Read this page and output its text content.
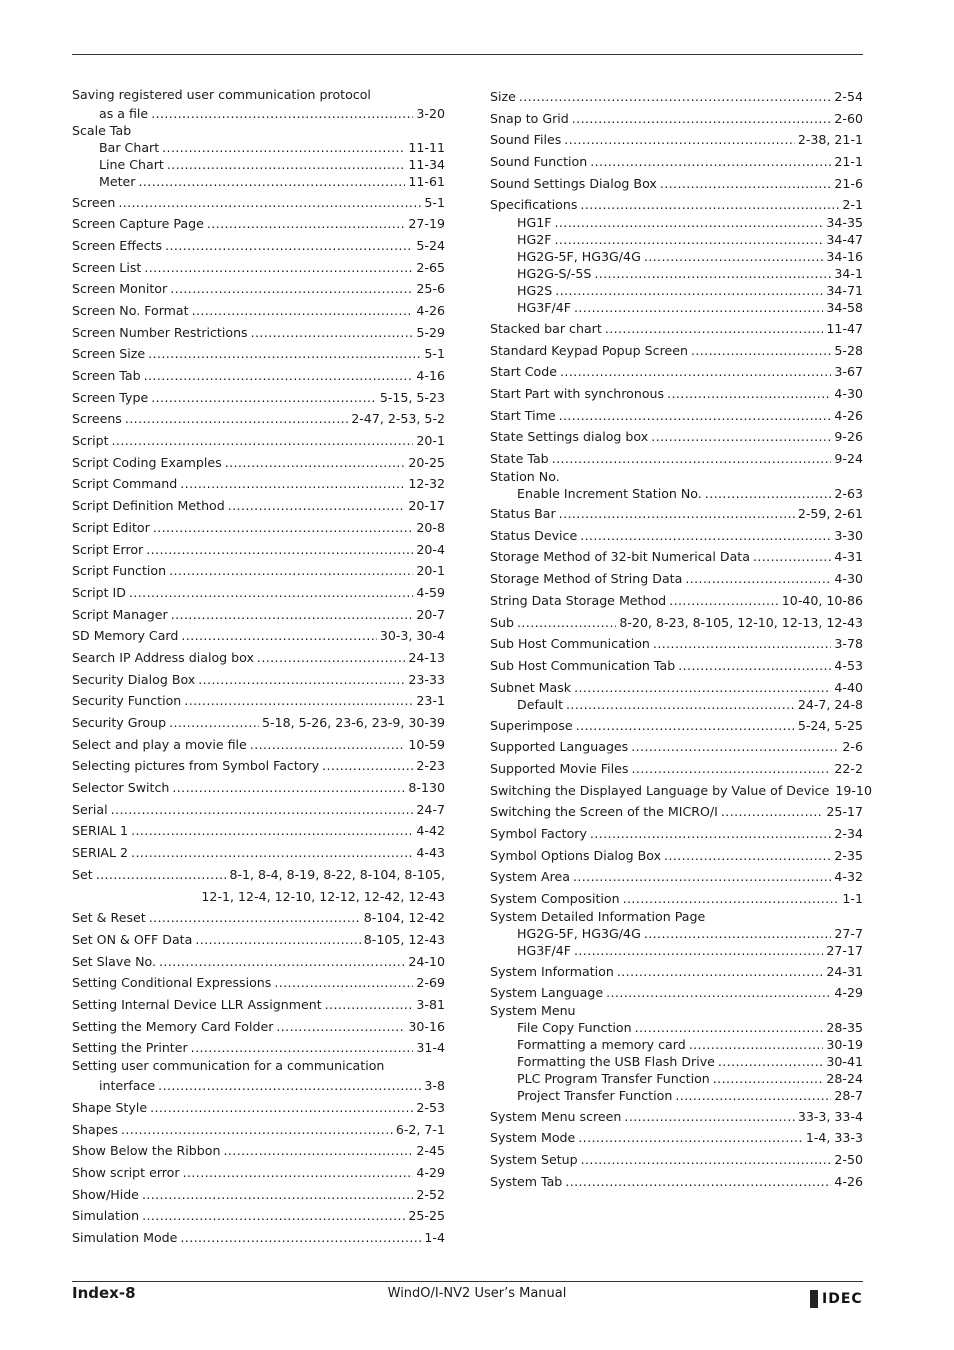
Saving registered user communication protocol
as a file .....	3-20
Scale Tab
Bar Chart .....	11-11
Line Chart .....	11-34
Meter .....	11-61
Screen .....	5-1
Screen Capture Page .....	27-19
Screen Effects .....	5-24
Screen List .....	2-65
Screen Monitor .....	25-6
Screen No. Format .....	4-26
Screen Number Restrictions .....	5-29
Screen Size .....	5-1
Screen Tab .....	4-16
Screen Type .....	5-15, 5-23
Screens .....	2-47, 2-53, 5-2
Script .....	20-1
Script Coding Examples .....	20-25
Script Command .....	12-32
Script Definition Method .....	20-17
Script Editor .....	20-8
Script Error .....	20-4
Script Function .....	20-1
Script ID .....	4-59
Script Manager .....	20-7
SD Memory Card .....	30-3, 30-4
Search IP Address dialog box .....	24-13
Security Dialog Box .....	23-33
Security Function .....	23-1
Security Group .....	5-18, 5-26, 23-6, 23-9, 30-39
Select and play a movie file .....	10-59
Selecting pictures from Symbol Factory .....	2-23
Selector Switch .....	8-130
Serial .....	24-7
SERIAL 1 .....	4-42
SERIAL 2 .....	4-43
Set .....	8-1, 8-4, 8-19, 8-22, 8-104, 8-105,
12-1, 12-4, 12-10, 12-12, 12-42, 12-43
Set & Reset .....	8-104, 12-42
Set ON & OFF Data .....	8-105, 12-43
Set Slave No. .....	24-10
Setting Conditional Expressions .....	2-69
Setting Internal Device LLR Assignment .....	3-81
Setting the Memory Card Folder .....	30-16
Setting the Printer .....	31-4
Setting user communication for a communication
interface .....	3-8
Shape Style .....	2-53
Shapes .....	6-2, 7-1
Show Below the Ribbon .....	2-45
Show script error .....	4-29
Show/Hide .....	2-52
Simulation .....	25-25
Simulation Mode .....	1-4
Size .....	2-54
Snap to Grid .....	2-60
Sound Files .....	2-38, 21-1
Sound Function .....	21-1
Sound Settings Dialog Box .....	21-6
Specifications .....	2-1
HG1F .....	34-35
HG2F .....	34-47
HG2G-5F, HG3G/4G .....	34-16
HG2G-S/-5S .....	34-1
HG2S .....	34-71
HG3F/4F .....	34-58
Stacked bar chart .....	11-47
Standard Keypad Popup Screen .....	5-28
Start Code .....	3-67
Start Part with synchronous .....	4-30
Start Time .....	4-26
State Settings dialog box .....	9-26
State Tab .....	9-24
Station No.
Enable Increment Station No. .....	2-63
Status Bar .....	2-59, 2-61
Status Device .....	3-30
Storage Method of 32-bit Numerical Data .....	4-31
Storage Method of String Data .....	4-30
String Data Storage Method .....	10-40, 10-86
Sub .....	8-20, 8-23, 8-105, 12-10, 12-13, 12-43
Sub Host Communication .....	3-78
Sub Host Communication Tab .....	4-53
Subnet Mask .....	4-40
Default .....	24-7, 24-8
Superimpose .....	5-24, 5-25
Supported Languages .....	2-6
Supported Movie Files .....	22-2
Switching the Displayed Language by Value of Device 19-10
Switching the Screen of the MICRO/I .....	25-17
Symbol Factory .....	2-34
Symbol Options Dialog Box .....	2-35
System Area .....	4-32
System Composition .....	1-1
System Detailed Information Page
HG2G-5F, HG3G/4G .....	27-7
HG3F/4F .....	27-17
System Information .....	24-31
System Language .....	4-29
System Menu
File Copy Function .....	28-35
Formatting a memory card .....	30-19
Formatting the USB Flash Drive .....	30-41
PLC Program Transfer Function .....	28-24
Project Transfer Function .....	28-7
System Menu screen .....	33-3, 33-4
System Mode .....	1-4, 33-3
System Setup .....	2-50
System Tab .....	4-26
Index-8	WindO/I-NV2 User’s Manual	IDEC
